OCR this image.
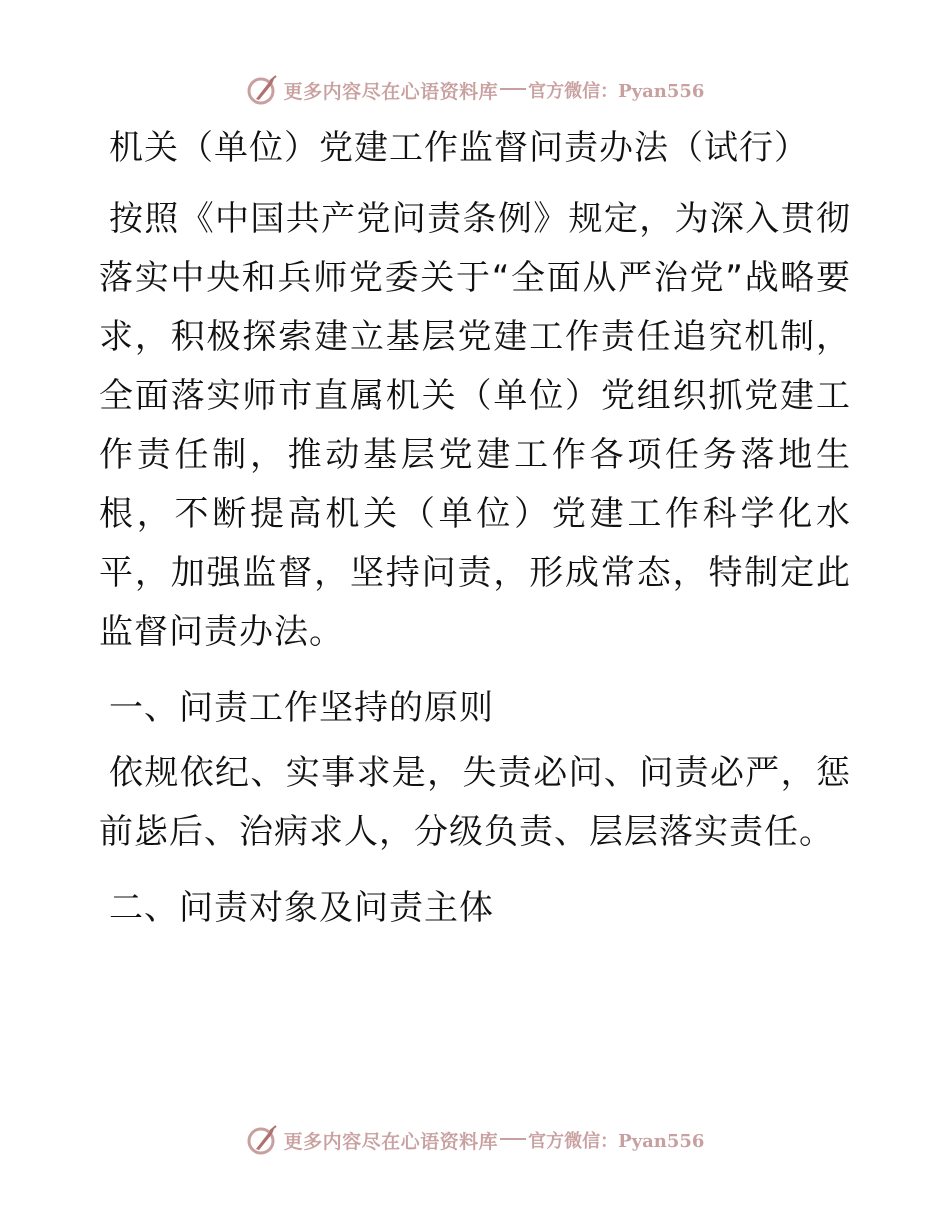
更多内容尽在心语资料库 官方微信：Pyan556
机关（单位）党建工作监督问责办法（试行）

按照《中国共产党问责条例》规定，为深入贯彻落实中央和兵师党委关于“全面从严治党”战略要求，积极探索建立基层党建工作责任追究机制，全面落实师市直属机关（单位）党组织抓党建工作责任制，推动基层党建工作各项任务落地生根，不断提高机关（单位）党建工作科学化水平，加强监督，坚持问责，形成常态，特制定此监督问责办法。

一、问责工作坚持的原则

依规依纪、实事求是，失责必问、问责必严，惩前毖后、治病求人，分级负责、层层落实责任。

二、问责对象及问责主体
更多内容尽在心语资料库 官方微信：Pyan556
